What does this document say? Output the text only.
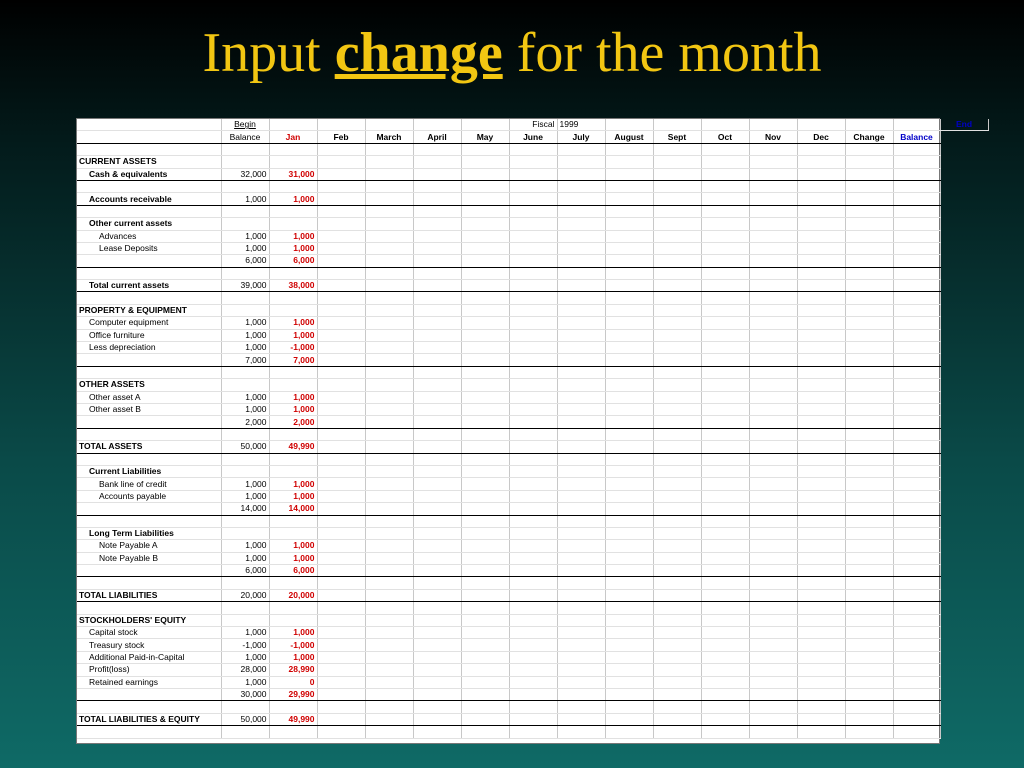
Input change for the month
	Begin						Fiscal	1999								End
	Balance	Jan	Feb	March	April	May	June	July	August	Sept	Oct	Nov	Dec	Change	Balance	

CURRENT ASSETS																
Cash & equivalents	32,000	31,000														

Accounts receivable	1,000	1,000														

Other current assets																
Advances	1,000	1,000														
Lease Deposits	1,000	1,000														
	6,000	6,000														

Total current assets	39,000	38,000														

PROPERTY & EQUIPMENT																
Computer equipment	1,000	1,000														
Office furniture	1,000	1,000														
Less depreciation	1,000	-1,000														
	7,000	7,000														

OTHER ASSETS																
Other asset A	1,000	1,000														
Other asset B	1,000	1,000														
	2,000	2,000														

TOTAL ASSETS	50,000	49,990														

Current Liabilities																
Bank line of credit	1,000	1,000														
Accounts payable	1,000	1,000														
	14,000	14,000														

Long Term Liabilities																
Note Payable A	1,000	1,000														
Note Payable B	1,000	1,000														
	6,000	6,000														

TOTAL LIABILITIES	20,000	20,000														

STOCKHOLDERS' EQUITY																
Capital stock	1,000	1,000														
Treasury stock	-1,000	-1,000														
Additional Paid-in-Capital	1,000	1,000														
Profit(loss)	28,000	28,990														
Retained earnings	1,000	0														
	30,000	29,990														

TOTAL LIABILITIES & EQUITY	50,000	49,990														
